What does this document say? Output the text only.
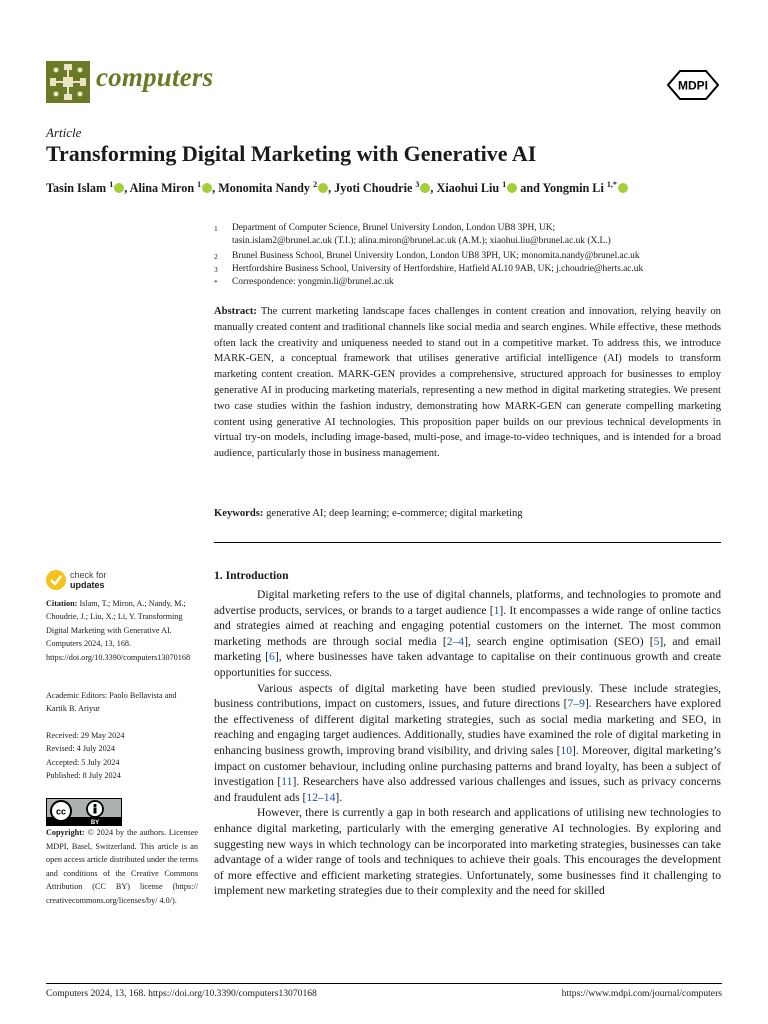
computers	MDPI
Article
Transforming Digital Marketing with Generative AI
Tasin Islam $^1$ , Alina Miron $^1$ , Monomita Nandy $^2$ , Jyoti Choudrie $^3$ , Xiaohui Liu $^1$ and Yongmin Li $^{1,*}$
1 Department of Computer Science, Brunel University London, London UB8 3PH, UK;
tasin.islam2@brunel.ac.uk (T.I.); alina.miron@brunel.ac.uk (A.M.); xiaohui.liu@brunel.ac.uk (X.L.)
2 Brunel Business School, Brunel University London, London UB8 3PH, UK; monomita.nandy@brunel.ac.uk
3 Hertfordshire Business School, University of Hertfordshire, Hatfield AL10 9AB, UK; j.choudrie@herts.ac.uk
* Correspondence: yongmin.li@brunel.ac.uk
Abstract: The current marketing landscape faces challenges in content creation and innovation, relying heavily on manually created content and traditional channels like social media and search engines. While effective, these methods often lack the creativity and uniqueness needed to stand out in a competitive market. To address this, we introduce MARK-GEN, a conceptual framework that utilises generative artificial intelligence (AI) models to transform marketing content creation. MARK-GEN provides a comprehensive, structured approach for businesses to employ generative AI in producing marketing materials, representing a new method in digital marketing strategies. We present two case studies within the fashion industry, demonstrating how MARK-GEN can generate compelling marketing content using generative AI technologies. This proposition paper builds on our previous technical developments in virtual try-on models, including image-based, multi-pose, and image-to-video techniques, and is intended for a broad audience, particularly those in business management.
Keywords: generative AI; deep learning; e-commerce; digital marketing
check for
updates
Citation: Islam, T.; Miron, A.; Nandy, M.; Choudrie, J.; Liu, X.; Li, Y. Transforming Digital Marketing with Generative AI. Computers 2024, 13, 168. https://doi.org/10.3390/computers13070168
Academic Editors: Paolo Bellavista and Kartik B. Ariyur
Received: 29 May 2024
Revised: 4 July 2024
Accepted: 5 July 2024
Published: 8 July 2024
cc
BY
Copyright: © 2024 by the authors. Licensee MDPI, Basel, Switzerland. This article is an open access article distributed under the terms and conditions of the Creative Commons Attribution (CC BY) license (https:// creativecommons.org/licenses/by/ 4.0/).
1. Introduction

Digital marketing refers to the use of digital channels, platforms, and technologies to promote and advertise products, services, or brands to a target audience [1]. It encompasses a wide range of online tactics and strategies aimed at reaching and engaging potential customers on the internet. The most common marketing methods are through social media [2–4], search engine optimisation (SEO) [5], and email marketing [6], where businesses have taken advantage to capitalise on their continuous growth and create opportunities for success.

Various aspects of digital marketing have been studied previously. These include strategies, business contributions, impact on customers, issues, and future directions [7–9]. Researchers have explored the effectiveness of different digital marketing strategies, such as social media marketing and SEO, in reaching and engaging target audiences. Additionally, studies have examined the role of digital marketing in enhancing business growth, improving brand visibility, and driving sales [10]. Moreover, digital marketing’s impact on customer behaviour, including online purchasing patterns and brand loyalty, has been a subject of investigation [11]. Researchers have also addressed various challenges and issues, such as privacy concerns and fraudulent ads [12–14].

However, there is currently a gap in both research and applications of utilising new technologies to enhance digital marketing, particularly with the emerging generative AI technologies. By exploring and suggesting new ways in which technology can be incorporated into marketing strategies, businesses can take advantage of a wider range of tools and techniques to achieve their goals. This encourages the development of more effective and efficient marketing strategies. Unfortunately, some businesses find it challenging to implement new marketing strategies due to their complexity and the need for skilled

Computers 2024, 13, 168. https://doi.org/10.3390/computers13070168	https://www.mdpi.com/journal/computers
